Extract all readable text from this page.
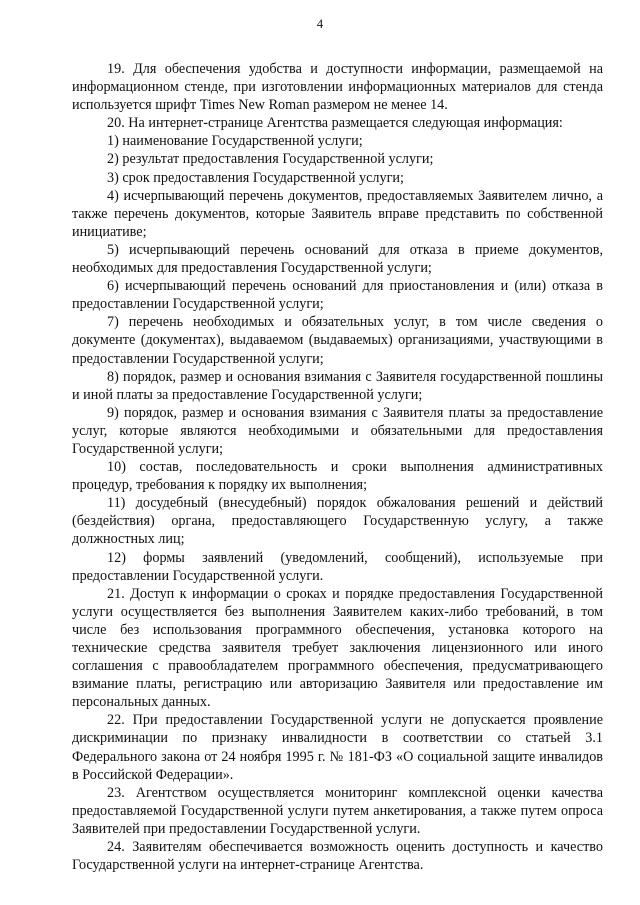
4

19. Для обеспечения удобства и доступности информации, размещаемой на информационном стенде, при изготовлении информационных материалов для стенда используется шрифт Times New Roman размером не менее 14.

20. На интернет-странице Агентства размещается следующая информация:

1) наименование Государственной услуги;

2) результат предоставления Государственной услуги;

3) срок предоставления Государственной услуги;

4) исчерпывающий перечень документов, предоставляемых Заявителем лично, а также перечень документов, которые Заявитель вправе представить по собственной инициативе;

5) исчерпывающий перечень оснований для отказа в приеме документов, необходимых для предоставления Государственной услуги;

6) исчерпывающий перечень оснований для приостановления и (или) отказа в предоставлении Государственной услуги;

7) перечень необходимых и обязательных услуг, в том числе сведения о документе (документах), выдаваемом (выдаваемых) организациями, участвующими в предоставлении Государственной услуги;

8) порядок, размер и основания взимания с Заявителя государственной пошлины и иной платы за предоставление Государственной услуги;

9) порядок, размер и основания взимания с Заявителя платы за предоставление услуг, которые являются необходимыми и обязательными для предоставления Государственной услуги;

10) состав, последовательность и сроки выполнения административных процедур, требования к порядку их выполнения;

11) досудебный (внесудебный) порядок обжалования решений и действий (бездействия) органа, предоставляющего Государственную услугу, а также должностных лиц;

12) формы заявлений (уведомлений, сообщений), используемые при предоставлении Государственной услуги.

21. Доступ к информации о сроках и порядке предоставления Государственной услуги осуществляется без выполнения Заявителем каких-либо требований, в том числе без использования программного обеспечения, установка которого на технические средства заявителя требует заключения лицензионного или иного соглашения с правообладателем программного обеспечения, предусматривающего взимание платы, регистрацию или авторизацию Заявителя или предоставление им персональных данных.

22. При предоставлении Государственной услуги не допускается проявление дискриминации по признаку инвалидности в соответствии со статьей 3.1 Федерального закона от 24 ноября 1995 г. № 181-ФЗ «О социальной защите инвалидов в Российской Федерации».

23. Агентством осуществляется мониторинг комплексной оценки качества предоставляемой Государственной услуги путем анкетирования, а также путем опроса Заявителей при предоставлении Государственной услуги.

24. Заявителям обеспечивается возможность оценить доступность и качество Государственной услуги на интернет-странице Агентства.
